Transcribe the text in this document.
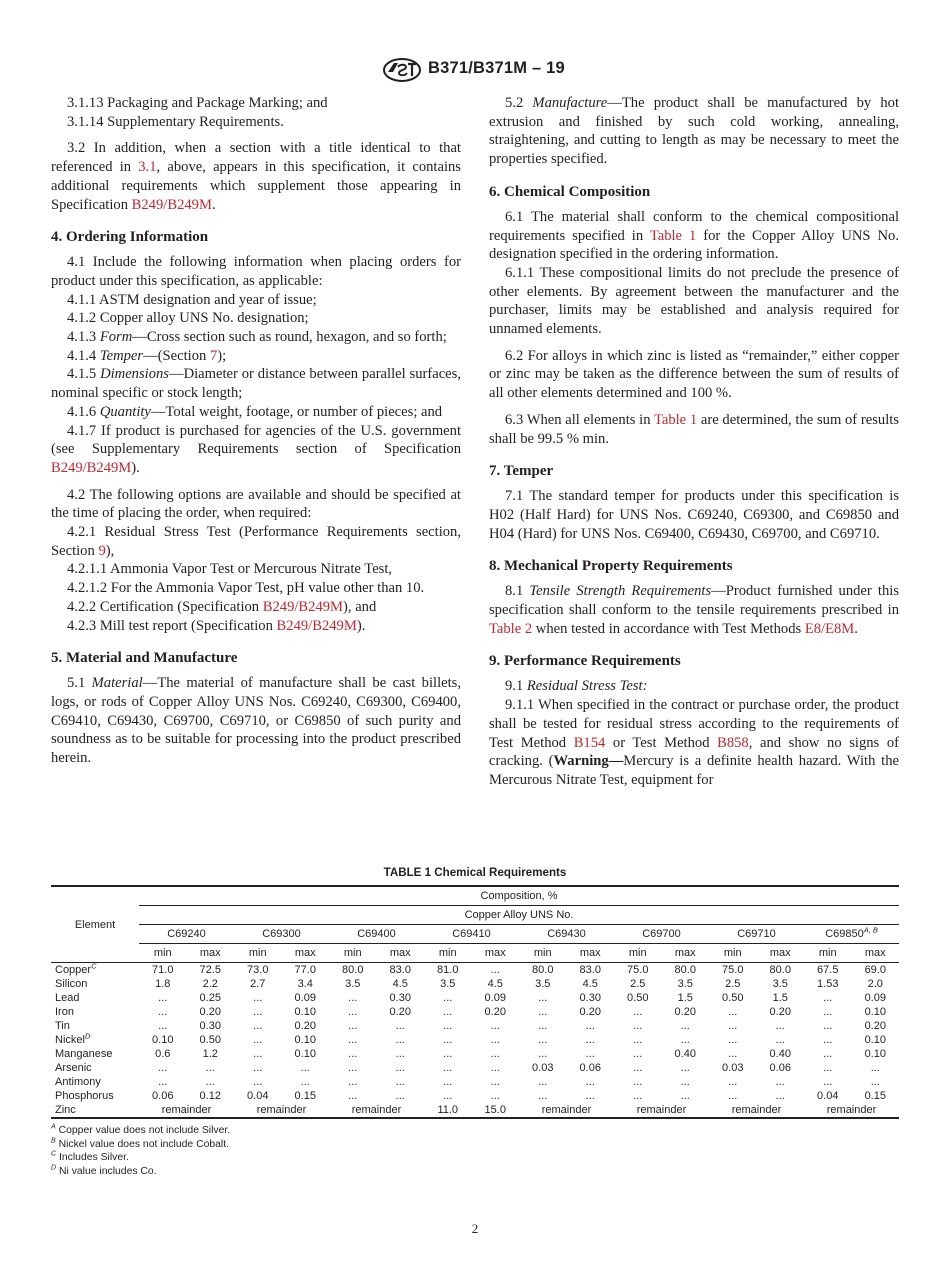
B371/B371M – 19

3.1.13 Packaging and Package Marking; and

3.1.14 Supplementary Requirements.

3.2 In addition, when a section with a title identical to that referenced in 3.1, above, appears in this specification, it contains additional requirements which supplement those appearing in Specification B249/B249M.

4. Ordering Information

4.1 Include the following information when placing orders for product under this specification, as applicable:

4.1.1 ASTM designation and year of issue;

4.1.2 Copper alloy UNS No. designation;

4.1.3 Form—Cross section such as round, hexagon, and so forth;

4.1.4 Temper—(Section 7);

4.1.5 Dimensions—Diameter or distance between parallel surfaces, nominal specific or stock length;

4.1.6 Quantity—Total weight, footage, or number of pieces; and

4.1.7 If product is purchased for agencies of the U.S. government (see Supplementary Requirements section of Specification B249/B249M).

4.2 The following options are available and should be specified at the time of placing the order, when required:

4.2.1 Residual Stress Test (Performance Requirements section, Section 9),

4.2.1.1 Ammonia Vapor Test or Mercurous Nitrate Test,

4.2.1.2 For the Ammonia Vapor Test, pH value other than 10.

4.2.2 Certification (Specification B249/B249M), and

4.2.3 Mill test report (Specification B249/B249M).

5. Material and Manufacture

5.1 Material—The material of manufacture shall be cast billets, logs, or rods of Copper Alloy UNS Nos. C69240, C69300, C69400, C69410, C69430, C69700, C69710, or C69850 of such purity and soundness as to be suitable for processing into the product prescribed herein.

5.2 Manufacture—The product shall be manufactured by hot extrusion and finished by such cold working, annealing, straightening, and cutting to length as may be necessary to meet the properties specified.

6. Chemical Composition

6.1 The material shall conform to the chemical compositional requirements specified in Table 1 for the Copper Alloy UNS No. designation specified in the ordering information.

6.1.1 These compositional limits do not preclude the presence of other elements. By agreement between the manufacturer and the purchaser, limits may be established and analysis required for unnamed elements.

6.2 For alloys in which zinc is listed as “remainder,” either copper or zinc may be taken as the difference between the sum of results of all other elements determined and 100 %.

6.3 When all elements in Table 1 are determined, the sum of results shall be 99.5 % min.

7. Temper

7.1 The standard temper for products under this specification is H02 (Half Hard) for UNS Nos. C69240, C69300, and C69850 and H04 (Hard) for UNS Nos. C69400, C69430, C69700, and C69710.

8. Mechanical Property Requirements

8.1 Tensile Strength Requirements—Product furnished under this specification shall conform to the tensile requirements prescribed in Table 2 when tested in accordance with Test Methods E8/E8M.

9. Performance Requirements

9.1 Residual Stress Test:

9.1.1 When specified in the contract or purchase order, the product shall be tested for residual stress according to the requirements of Test Method B154 or Test Method B858, and show no signs of cracking. (Warning—Mercury is a definite health hazard. With the Mercurous Nitrate Test, equipment for

TABLE 1 Chemical Requirements
Element	Composition, %															
	Copper Alloy UNS No.															
	C69240		C69300		C69400		C69410		C69430		C69700		C69710		$C69850^{A, B}$
	min	max	min	max	min	max	min	max	min	max	min	max	min	max	min	max
Copper$^C$	71.0	72.5	73.0	77.0	80.0	83.0	81.0	...	80.0	83.0	75.0	80.0	75.0	80.0	67.5	69.0
Silicon	1.8	2.2	2.7	3.4	3.5	4.5	3.5	4.5	3.5	4.5	2.5	3.5	2.5	3.5	1.53	2.0
Lead	...	0.25	...	0.09	...	0.30	...	0.09	...	0.30	0.50	1.5	0.50	1.5	...	0.09
Iron	...	0.20	...	0.10	...	0.20	...	0.20	...	0.20	...	0.20	...	0.20	...	0.10
Tin	...	0.30	...	0.20	...	...	...	...	...	...	...	...	...	...	...	0.20
Nickel$^D$	0.10	0.50	...	0.10	...	...	...	...	...	...	...	...	...	...	...	0.10
Manganese	0.6	1.2	...	0.10	...	...	...	...	...	...	...	0.40	...	0.40	...	0.10
Arsenic	...	...	...	...	...	...	...	...	0.03	0.06	...	...	0.03	0.06	...	...
Antimony	...	...	...	...	...	...	...	...	...	...	...	...	...	...	...	...
Phosphorus	0.06	0.12	0.04	0.15	...	...	...	...	...	...	...	...	...	...	0.04	0.15
Zinc	remainder		remainder		remainder		11.0	15.0	remainder		remainder		remainder		remainder	
$^A$ Copper value does not include Silver.
$^B$ Nickel value does not include Cobalt.
$^C$ Includes Silver.
$^D$ Ni value includes Co.
2
